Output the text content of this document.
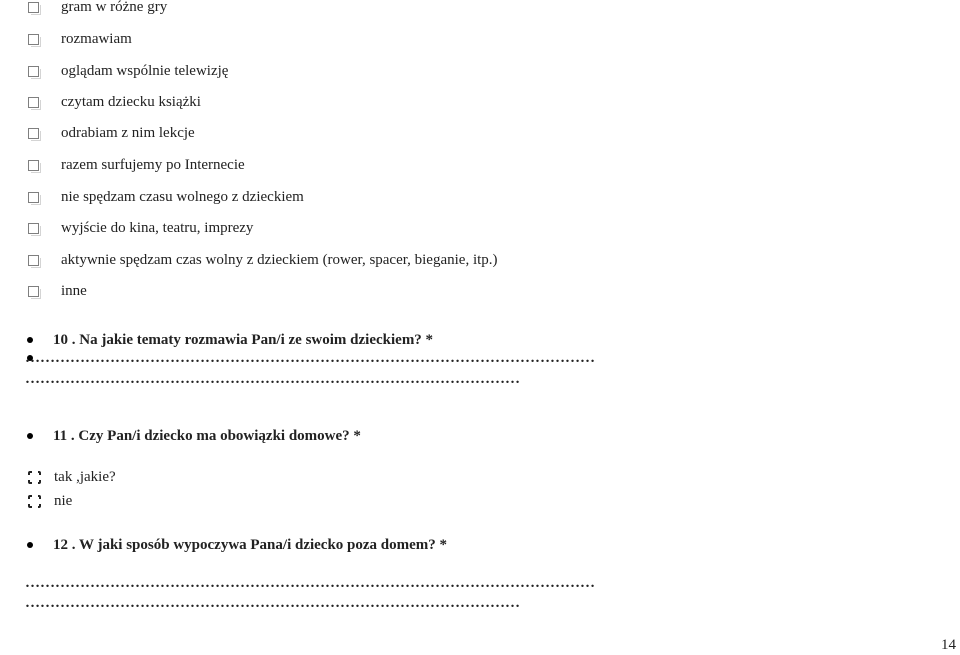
gram w różne gry
rozmawiam
oglądam wspólnie telewizję
czytam dziecku książki
odrabiam z nim lekcje
razem surfujemy po Internecie
nie spędzam czasu wolnego z dzieckiem
wyjście do kina, teatru, imprezy
aktywnie spędzam czas wolny z dzieckiem (rower, spacer, bieganie, itp.)
inne
10 . Na jakie tematy rozmawia Pan/i ze swoim dzieckiem? *
……………………………………………………………………………………………………
………………………………………………………………………………………
11 . Czy Pan/i dziecko ma obowiązki domowe? *
tak ,jakie?
nie
12 . W jaki sposób wypoczywa Pana/i dziecko poza domem? *
……………………………………………………………………………………………………
………………………………………………………………………………………
14
